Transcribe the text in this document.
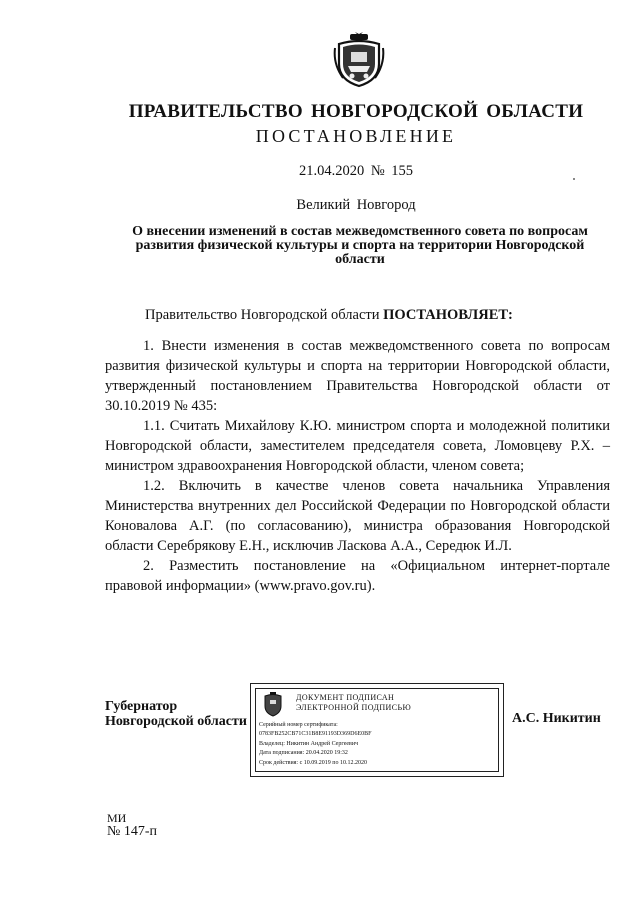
ПРАВИТЕЛЬСТВО НОВГОРОДСКОЙ ОБЛАСТИ
ПОСТАНОВЛЕНИЕ
21.04.2020 № 155
Великий Новгород
О внесении изменений в состав межведомственного совета по вопросам развития физической культуры и спорта на территории Новгородской области

Правительство Новгородской области ПОСТАНОВЛЯЕТ:

1. Внести изменения в состав межведомственного совета по вопросам развития физической культуры и спорта на территории Новгородской области, утвержденный постановлением Правительства Новгородской области от 30.10.2019 № 435:

1.1. Считать Михайлову К.Ю. министром спорта и молодежной политики Новгородской области, заместителем председателя совета, Ломовцеву Р.Х. – министром здравоохранения Новгородской области, членом совета;

1.2. Включить в качестве членов совета начальника Управления Министерства внутренних дел Российской Федерации по Новгородской области Коновалова А.Г. (по согласованию), министра образования Новгородской области Серебрякову Е.Н., исключив Ласкова А.А., Середюк И.Л.

2. Разместить постановление на «Официальном интернет-портале правовой информации» (www.pravo.gov.ru).

Губернатор
Новгородской области
ДОКУМЕНТ ПОДПИСАН
ЭЛЕКТРОННОЙ ПОДПИСЬЮ
Серийный номер сертификата:
0783FB252CB71C31B8E91193D369D6E0BF
Владелец: Никитин Андрей Сергеевич
Дата подписания: 20.04.2020 19:32
Срок действия: с 10.09.2019 по 10.12.2020
А.С. Никитин
МИ
№ 147-п
